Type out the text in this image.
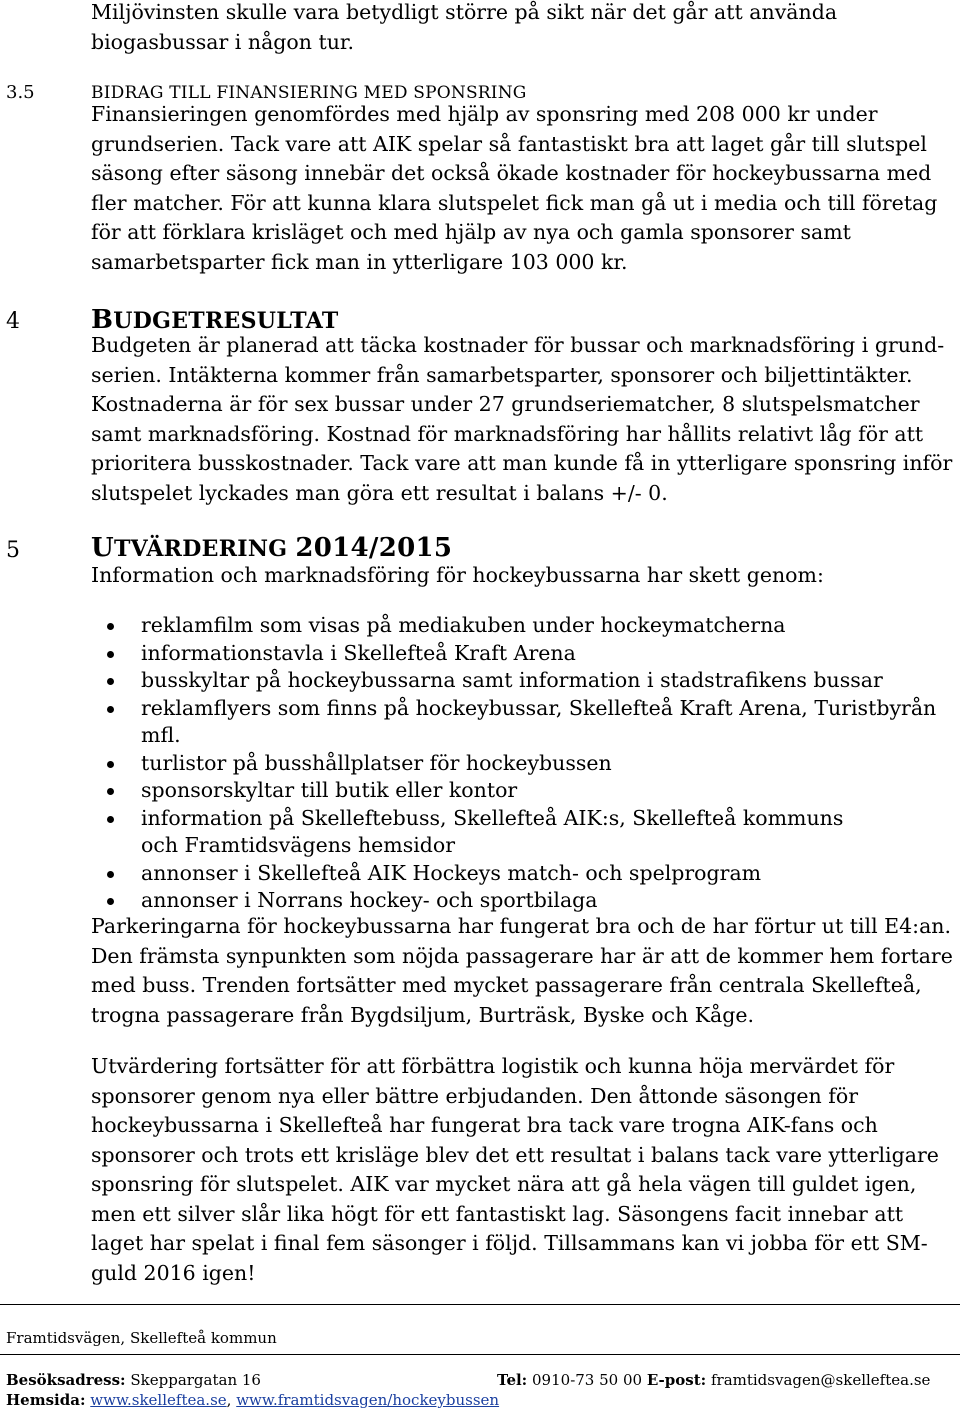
Miljövinsten skulle vara betydligt större på sikt när det går att använda biogasbussar i någon tur.

3.5	BIDRAG TILL FINANSIERING MED SPONSRING

Finansieringen genomfördes med hjälp av sponsring med 208 000 kr under grundserien. Tack vare att AIK spelar så fantastiskt bra att laget går till slutspel säsong efter säsong innebär det också ökade kostnader för hockeybussarna med fler matcher. För att kunna klara slutspelet fick man gå ut i media och till företag för att förklara krisläget och med hjälp av nya och gamla sponsorer samt samarbetsparter fick man in ytterligare 103 000 kr.

4	BUDGETRESULTAT

Budgeten är planerad att täcka kostnader för bussar och marknadsföring i grund-serien. Intäkterna kommer från samarbetsparter, sponsorer och biljettintäkter. Kostnaderna är för sex bussar under 27 grundseriematcher, 8 slutspelsmatcher samt marknadsföring. Kostnad för marknadsföring har hållits relativt låg för att prioritera busskostnader. Tack vare att man kunde få in ytterligare sponsring inför slutspelet lyckades man göra ett resultat i balans +/- 0.

5	UTVÄRDERING 2014/2015

Information och marknadsföring för hockeybussarna har skett genom:

reklamfilm som visas på mediakuben under hockeymatcherna
informationstavla i Skellefteå Kraft Arena
busskyltar på hockeybussarna samt information i stadstrafikens bussar
reklamflyers som finns på hockeybussar, Skellefteå Kraft Arena, Turistbyrån mfl.
turlistor på busshållplatser för hockeybussen
sponsorskyltar till butik eller kontor
information på Skelleftebuss, Skellefteå AIK:s, Skellefteå kommuns och Framtidsvägens hemsidor
annonser i Skellefteå AIK Hockeys match- och spelprogram
annonser i Norrans hockey- och sportbilaga

Parkeringarna för hockeybussarna har fungerat bra och de har förtur ut till E4:an. Den främsta synpunkten som nöjda passagerare har är att de kommer hem fortare med buss. Trenden fortsätter med mycket passagerare från centrala Skellefteå, trogna passagerare från Bygdsiljum, Burträsk, Byske och Kåge.

Utvärdering fortsätter för att förbättra logistik och kunna höja mervärdet för sponsorer genom nya eller bättre erbjudanden. Den åttonde säsongen för hockeybussarna i Skellefteå har fungerat bra tack vare trogna AIK-fans och sponsorer och trots ett krisläge blev det ett resultat i balans tack vare ytterligare sponsring för slutspelet. AIK var mycket nära att gå hela vägen till guldet igen, men ett silver slår lika högt för ett fantastiskt lag. Säsongens facit innebar att laget har spelat i final fem säsonger i följd. Tillsammans kan vi jobba för ett SM-guld 2016 igen!

Framtidsvägen, Skellefteå kommun
Besöksadress: Skeppargatan 16
Hemsida: www.skelleftea.se, www.framtidsvagen/hockeybussen
Tel: 0910-73 50 00 E-post: framtidsvagen@skelleftea.se
